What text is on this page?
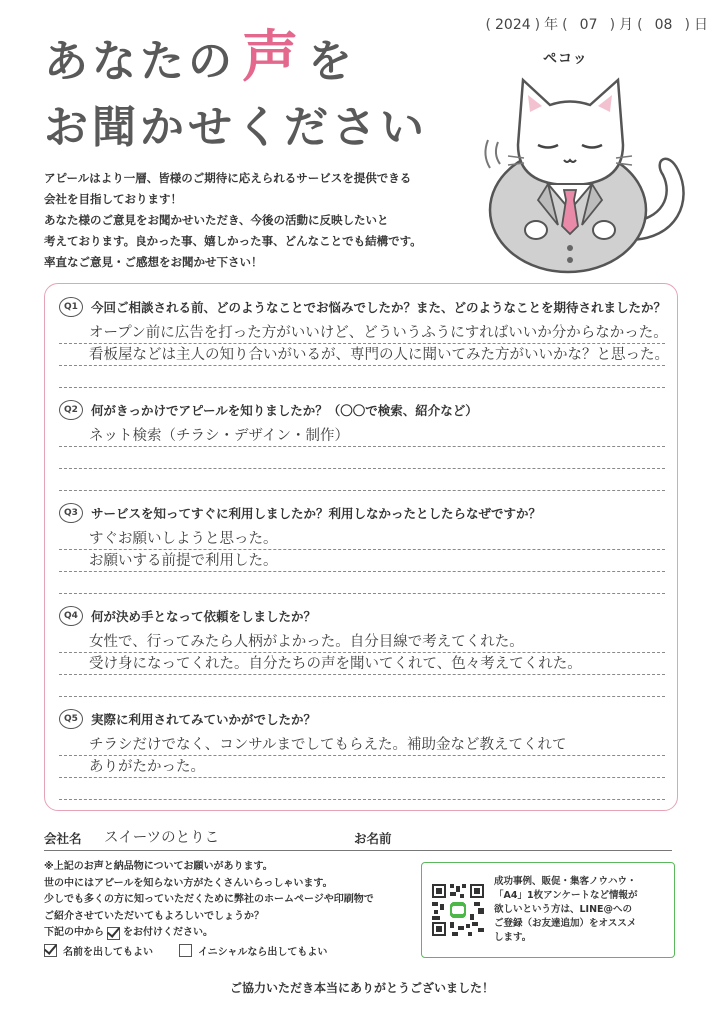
( 2024 ) 年 ( 07 ) 月 ( 08 ) 日
あなたの 声 を
お聞かせください

アピールはより一層、皆様のご期待に応えられるサービスを提供できる

会社を目指しております！

あなた様のご意見をお聞かせいただき、今後の活動に反映したいと

考えております。良かった事、嬉しかった事、どんなことでも結構です。

率直なご意見・ご感想をお聞かせ下さい！

ペコッ
Q1	今回ご相談される前、どのようなことでお悩みでしたか？また、どのようなことを期待されましたか？
オープン前に広告を打った方がいいけど、どういうふうにすればいいか分からなかった。
看板屋などは主人の知り合いがいるが、専門の人に聞いてみた方がいいかな？と思った。
Q2	何がきっかけでアピールを知りましたか？（〇〇で検索、紹介など）
ネット検索（チラシ・デザイン・制作）
Q3	サービスを知ってすぐに利用しましたか？利用しなかったとしたらなぜですか？
すぐお願いしようと思った。
お願いする前提で利用した。
Q4	何が決め手となって依頼をしましたか？
女性で、行ってみたら人柄がよかった。自分目線で考えてくれた。
受け身になってくれた。自分たちの声を聞いてくれて、色々考えてくれた。
Q5	実際に利用されてみていかがでしたか？
チラシだけでなく、コンサルまでしてもらえた。補助金など教えてくれて
ありがたかった。
会社名	スイーツのとりこ	お名前

※上記のお声と納品物についてお願いがあります。

世の中にはアピールを知らない方がたくさんいらっしゃいます。

少しでも多くの方に知っていただくために弊社のホームページや印刷物で

ご紹介させていただいてもよろしいでしょうか？

下記の中から をお付けください。

名前を出してもよい	イニシャルなら出してもよい

成功事例、販促・集客ノウハウ・

「A4」1枚アンケートなど情報が

欲しいという方は、LINE@への

ご登録（お友達追加）をオススメ

します。

ご協力いただき本当にありがとうございました！
